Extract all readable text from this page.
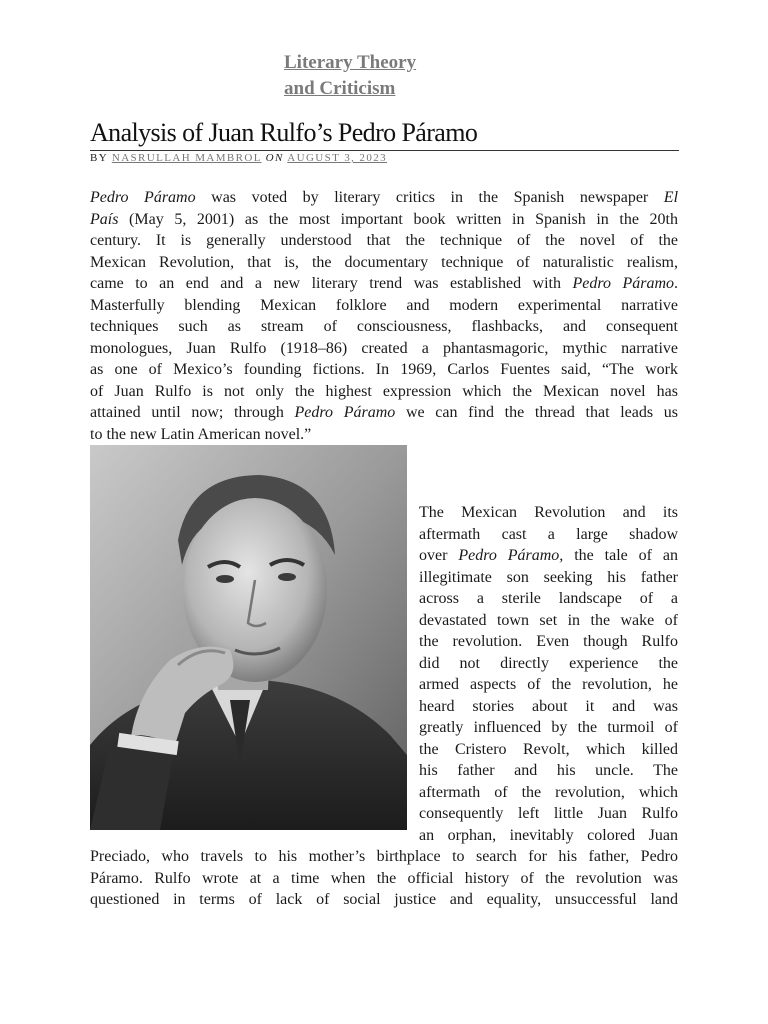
Literary Theory
and Criticism
Analysis of Juan Rulfo’s Pedro Páramo
BY NASRULLAH MAMBROL ON AUGUST 3, 2023
Pedro Páramo was voted by literary critics in the Spanish newspaper El
País (May 5, 2001) as the most important book written in Spanish in the 20th
century. It is generally understood that the technique of the novel of the
Mexican Revolution, that is, the documentary technique of naturalistic realism,
came to an end and a new literary trend was established with Pedro Páramo.
Masterfully blending Mexican folklore and modern experimental narrative
techniques such as stream of consciousness, flashbacks, and consequent
monologues, Juan Rulfo (1918–86) created a phantasmagoric, mythic narrative
as one of Mexico’s founding fictions. In 1969, Carlos Fuentes said, “The work
of Juan Rulfo is not only the highest expression which the Mexican novel has
attained until now; through Pedro Páramo we can find the thread that leads us
to the new Latin American novel.”
The Mexican Revolution and its
aftermath cast a large shadow
over Pedro Páramo, the tale of an
illegitimate son seeking his father
across a sterile landscape of a
devastated town set in the wake of
the revolution. Even though Rulfo
did not directly experience the
armed aspects of the revolution, he
heard stories about it and was
greatly influenced by the turmoil of
the Cristero Revolt, which killed
his father and his uncle. The
aftermath of the revolution, which
consequently left little Juan Rulfo
an orphan, inevitably colored Juan
Preciado, who travels to his mother’s birthplace to search for his father, Pedro
Páramo. Rulfo wrote at a time when the official history of the revolution was
questioned in terms of lack of social justice and equality, unsuccessful land
